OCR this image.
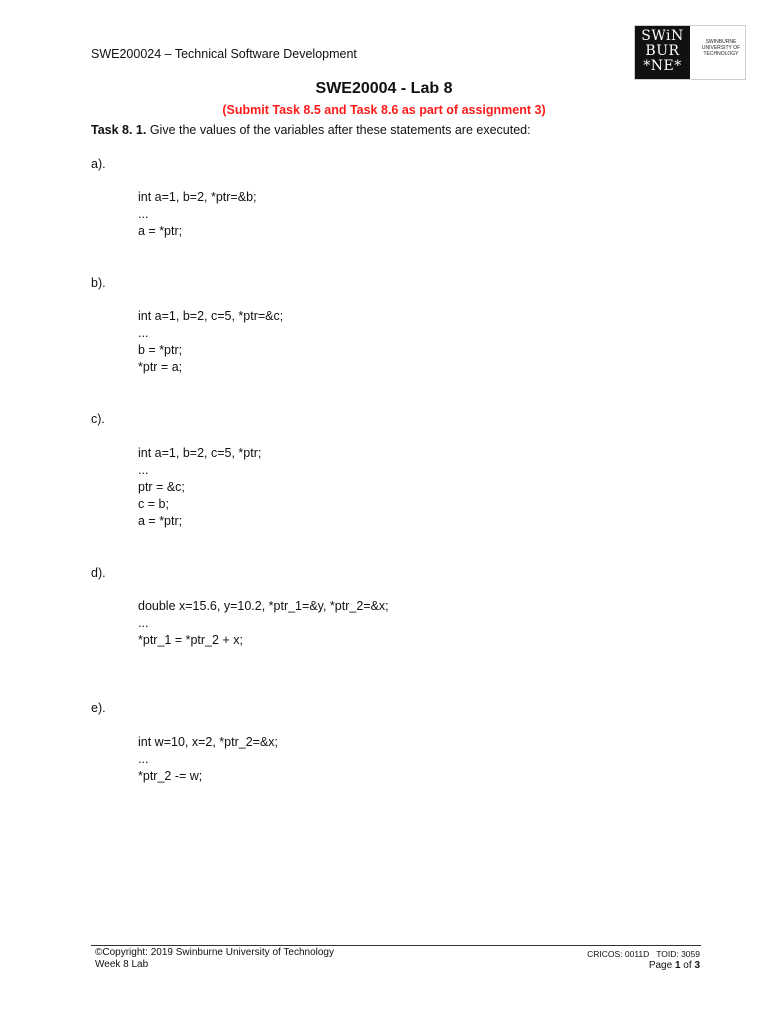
SWE200024 – Technical Software Development
SWiN
BUR
*NE*
SWINBURNE
UNIVERSITY OF
TECHNOLOGY
SWE20004 - Lab 8
(Submit Task 8.5 and Task 8.6 as part of assignment 3)
Task 8. 1. Give the values of the variables after these statements are executed:
a).
int a=1, b=2, *ptr=&b;
...
a = *ptr;
b).
int a=1, b=2, c=5, *ptr=&c;
...
b = *ptr;
*ptr = a;
c).
int a=1, b=2, c=5, *ptr;
...
ptr = &c;
c = b;
a = *ptr;
d).
double x=15.6, y=10.2, *ptr_1=&y, *ptr_2=&x;
...
*ptr_1 = *ptr_2 + x;
e).
int w=10, x=2, *ptr_2=&x;
...
*ptr_2 -= w;
©Copyright: 2019 Swinburne University of Technology
Week 8 Lab
CRICOS: 0011D   TOID: 3059
Page 1 of 3
